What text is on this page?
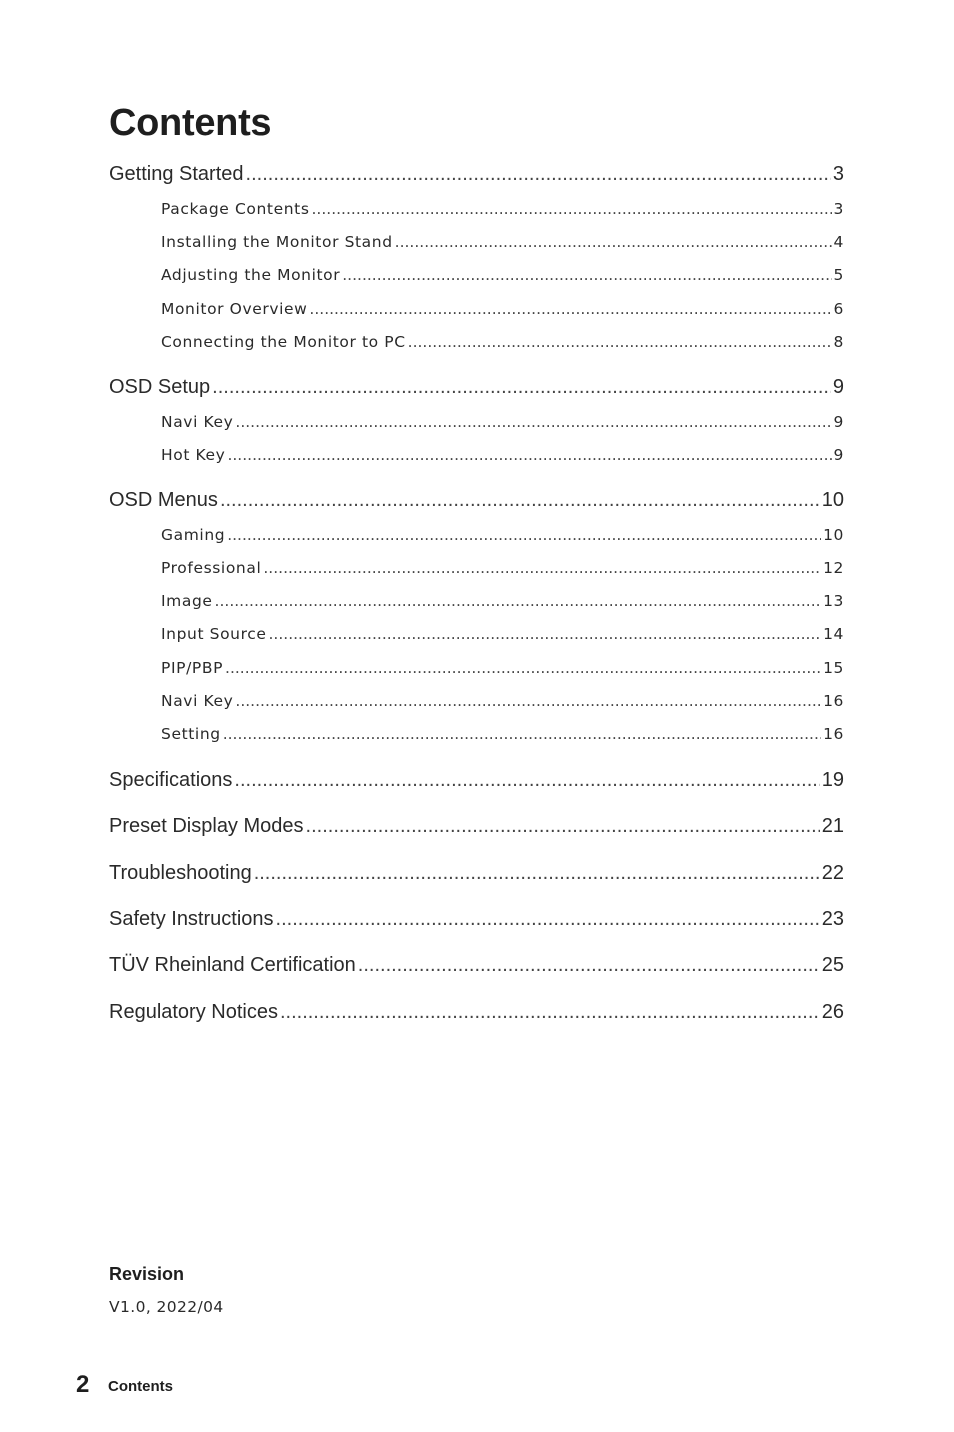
Contents
Getting Started .....	3
Package Contents .....	3
Installing the Monitor Stand .....	4
Adjusting the Monitor .....	5
Monitor Overview .....	6
Connecting the Monitor to PC .....	8
OSD Setup .....	9
Navi Key .....	9
Hot Key .....	9
OSD Menus .....	10
Gaming .....	10
Professional .....	12
Image .....	13
Input Source .....	14
PIP/PBP .....	15
Navi Key .....	16
Setting .....	16
Specifications .....	19
Preset Display Modes .....	21
Troubleshooting .....	22
Safety Instructions .....	23
TÜV Rheinland Certification .....	25
Regulatory Notices .....	26
Revision
V1.0, 2022/04
2 Contents
